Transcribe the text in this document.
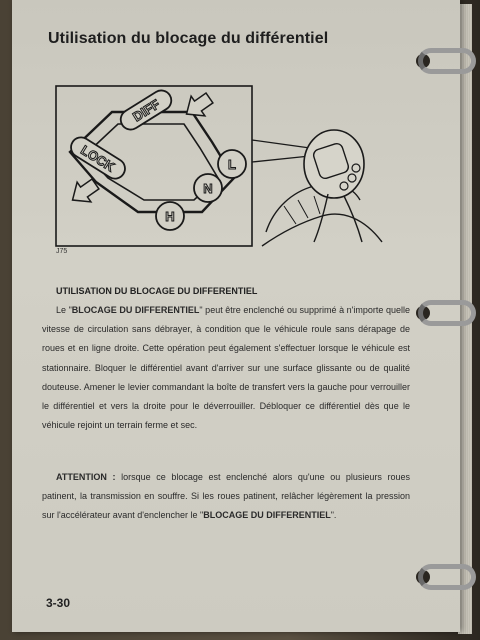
Utilisation du blocage du différentiel
DIFF
LOCK	L
N
H
J75
UTILISATION DU BLOCAGE DU DIFFERENTIEL

Le "BLOCAGE DU DIFFERENTIEL" peut être enclenché ou supprimé à n'importe quelle vitesse de circulation sans débrayer, à condition que le véhicule roule sans dérapage de roues et en ligne droite. Cette opération peut également s'effectuer lorsque le véhicule est stationnaire. Bloquer le différentiel avant d'arriver sur une surface glissante ou de qualité douteuse. Amener le levier commandant la boîte de transfert vers la gauche pour verrouiller le différentiel et vers la droite pour le déverrouiller. Débloquer ce différentiel dès que le véhicule rejoint un terrain ferme et sec.

ATTENTION : lorsque ce blocage est enclenché alors qu'une ou plusieurs roues patinent, la transmission en souffre. Si les roues patinent, relâcher légèrement la pression sur l'accélérateur avant d'enclencher le "BLOCAGE DU DIFFERENTIEL".

3-30
